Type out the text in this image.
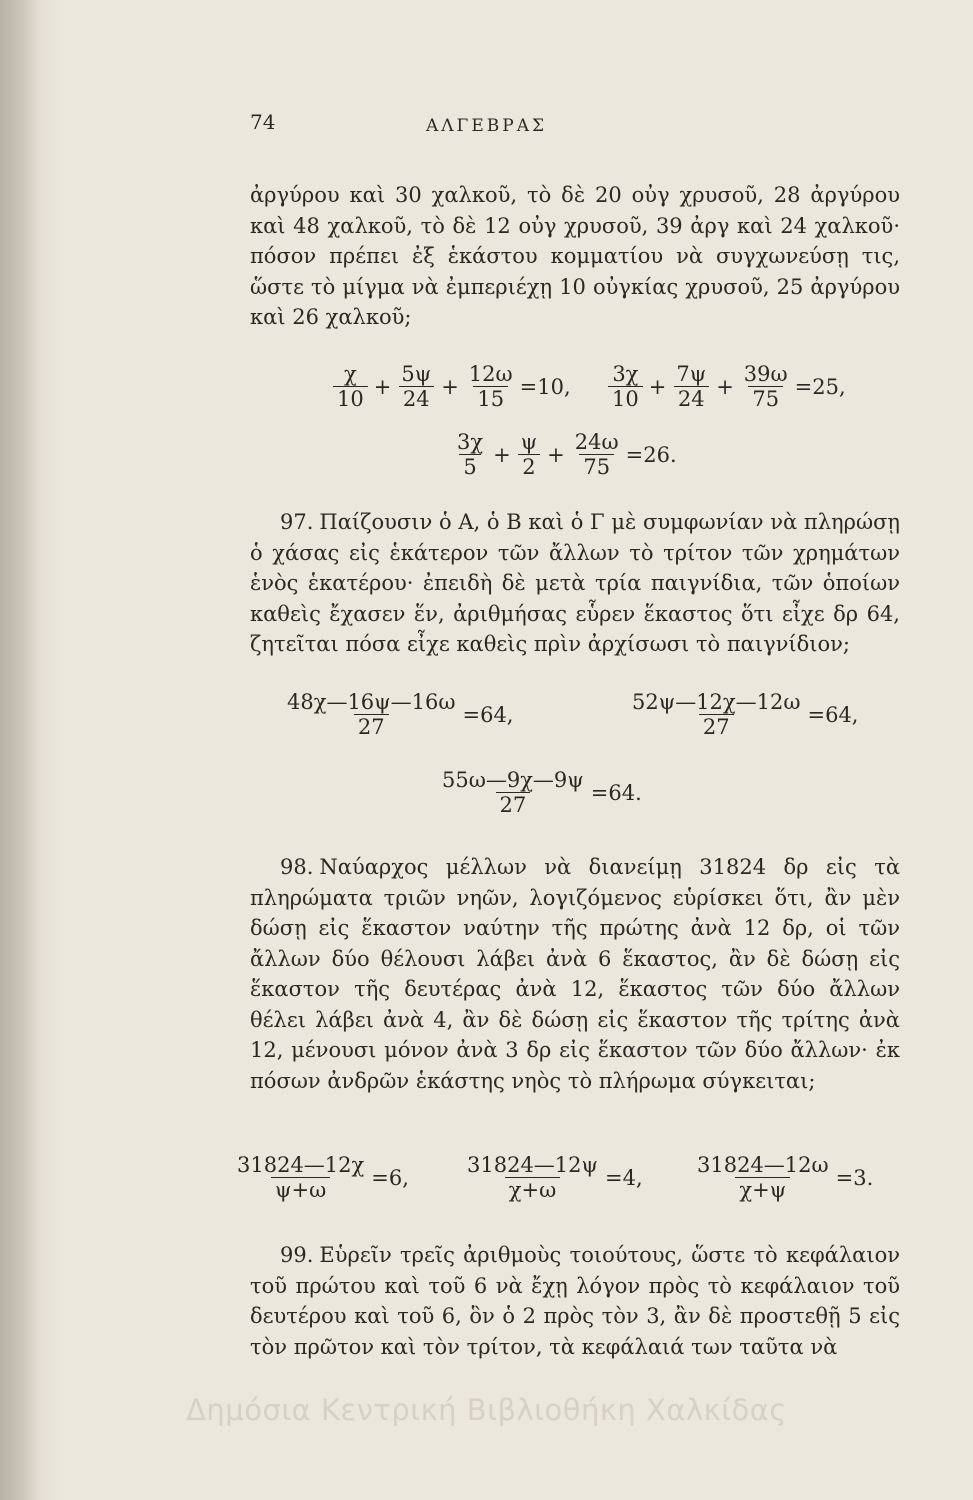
74	ΑΛΓΕΒΡΑΣ
ἀργύρου καὶ 30 χαλκοῦ, τὸ δὲ 20 οὐγ χρυσοῦ, 28 ἀργύρου καὶ 48 χαλκοῦ, τὸ δὲ 12 οὐγ χρυσοῦ, 39 ἀργ καὶ 24 χαλκοῦ· πόσον πρέπει ἐξ ἑκάστου κομματίου νὰ συγχωνεύσῃ τις, ὥστε τὸ μίγμα νὰ ἐμπεριέχῃ 10 οὐγκίας χρυσοῦ, 25 ἀργύρου καὶ 26 χαλκοῦ;
$\frac{\chi}{10} + \frac{5\psi}{24} + \frac{12\omega}{15} =10$, $\frac{3\chi}{10} + \frac{7\psi}{24} + \frac{39\omega}{75} =25$,
$\frac{3\chi}{5} + \frac{\psi}{2} + \frac{24\omega}{75} =26$.
97. Παίζουσιν ὁ Α, ὁ Β καὶ ὁ Γ μὲ συμφωνίαν νὰ πληρώσῃ ὁ χάσας εἰς ἑκάτερον τῶν ἄλλων τὸ τρίτον τῶν χρημάτων ἑνὸς ἑκατέρου· ἐπειδὴ δὲ μετὰ τρία παιγνίδια, τῶν ὁποίων καθεὶς ἔχασεν ἕν, ἀριθμήσας εὗρεν ἕκαστος ὅτι εἶχε δρ 64, ζητεῖται πόσα εἶχε καθεὶς πρὶν ἀρχίσωσι τὸ παιγνίδιον;
$\frac{48\chi—16\psi—16\omega}{27} =64$,	$\frac{52\psi—12\chi—12\omega}{27} =64$,
$\frac{55\omega—9\chi—9\psi}{27} =64$.
98. Ναύαρχος μέλλων νὰ διανείμῃ 31824 δρ εἰς τὰ πληρώματα τριῶν νηῶν, λογιζόμενος εὑρίσκει ὅτι, ἂν μὲν δώσῃ εἰς ἕκαστον ναύτην τῆς πρώτης ἀνὰ 12 δρ, οἱ τῶν ἄλλων δύο θέλουσι λάβει ἀνὰ 6 ἕκαστος, ἂν δὲ δώσῃ εἰς ἕκαστον τῆς δευτέρας ἀνὰ 12, ἕκαστος τῶν δύο ἄλλων θέλει λάβει ἀνὰ 4, ἂν δὲ δώσῃ εἰς ἕκαστον τῆς τρίτης ἀνὰ 12, μένουσι μόνον ἀνὰ 3 δρ εἰς ἕκαστον τῶν δύο ἄλλων· ἐκ πόσων ἀνδρῶν ἑκάστης νηὸς τὸ πλήρωμα σύγκειται;
$\frac{31824—12\chi}{\psi+\omega} =6$,	$\frac{31824—12\psi}{\chi+\omega} =4$, $\frac{31824—12\omega}{\chi+\psi} =3$.
99. Εὑρεῖν τρεῖς ἀριθμοὺς τοιούτους, ὥστε τὸ κεφάλαιον τοῦ πρώτου καὶ τοῦ 6 νὰ ἔχῃ λόγον πρὸς τὸ κεφάλαιον τοῦ δευτέρου καὶ τοῦ 6, ὃν ὁ 2 πρὸς τὸν 3, ἂν δὲ προστεθῇ 5 εἰς τὸν πρῶτον καὶ τὸν τρίτον, τὰ κεφάλαιά των ταῦτα νὰ
Δημόσια Κεντρική Βιβλιοθήκη Χαλκίδας
